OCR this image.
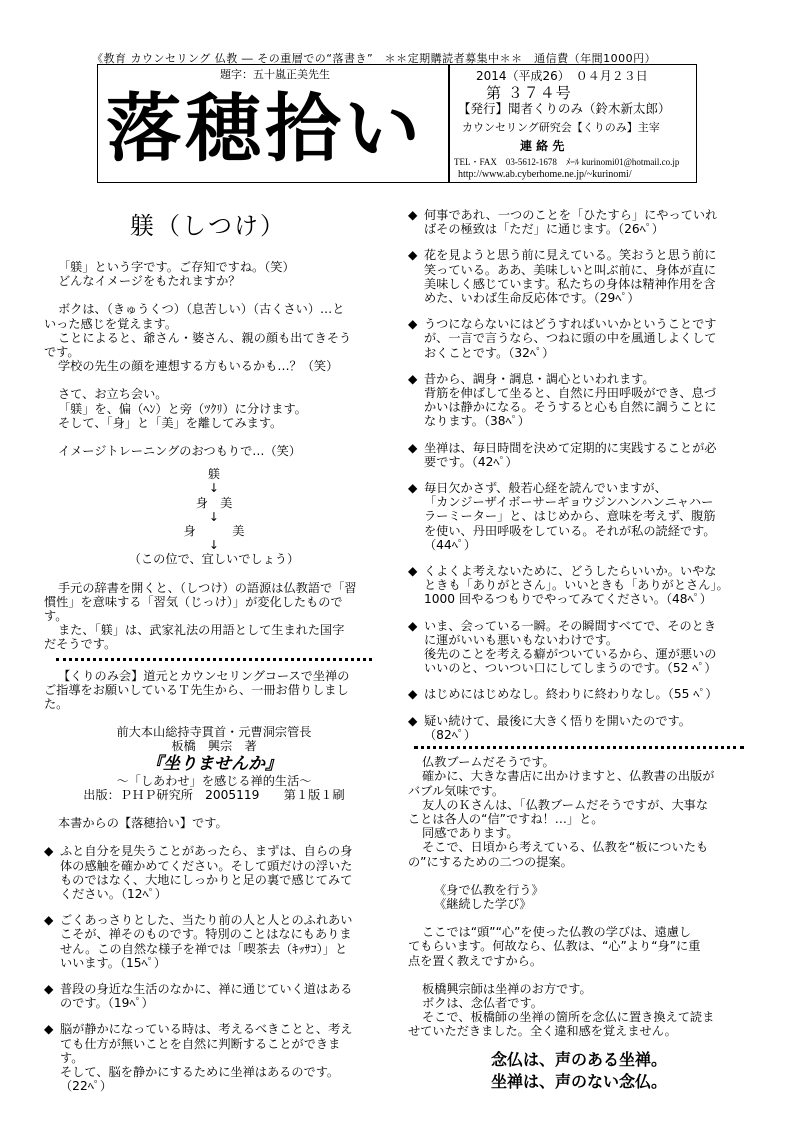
《教育 カウンセリング 仏教 ― その重層での“落書き”　＊＊定期購読者募集中＊＊　通信費（年間1000円）
題字：五十嵐正美先生
落穂拾い
2014（平成26）　０４月２３日
第 ３７４号
【発行】聞者くりのみ（鈴木新太郎）
カウンセリング研究会【くりのみ】主宰
連 絡 先
TEL・FAX　03-5612-1678　ﾒｰﾙ kurinomi01@hotmail.co.jp
http://www.ab.cyberhome.ne.jp/~kurinomi/
躾（しつけ）

「躾」という字です。ご存知ですね。（笑）

どんなイメージをもたれますか？

ボクは、（きゅうくつ）（息苦しい）（古くさい）…と

いった感じを覚えます。

ことによると、爺さん・婆さん、親の顔も出てきそう

です。

学校の先生の顔を連想する方もいるかも…？（笑）

さて、お立ち会い。

「躾」を、偏（ﾍﾝ）と旁（ﾂｸﾘ）に分けます。

そして、「身」と「美」を離してみます。

イメージトレーニングのおつもりで…（笑）

躾

↓

身　美

↓

身　　　美

↓

（この位で、宜しいでしょう）

手元の辞書を開くと、（しつけ）の語源は仏教語で「習

慣性」を意味する「習気（じっけ）」が変化したもので

す。

また、「躾」は、武家礼法の用語として生まれた国字

だそうです。

【くりのみ会】道元とカウンセリングコースで坐禅の

ご指導をお願いしているＴ先生から、一冊お借りしまし

た。

前大本山総持寺貫首・元曹洞宗管長

板橋　興宗　著

『坐りませんか』

～「しあわせ」を感じる禅的生活～

出版：ＰＨＰ研究所　2005119　　第１版１刷

本書からの【落穂拾い】です。

◆ ふと自分を見失うことがあったら、まずは、自らの身

体の感触を確かめてください。そして頭だけの浮いた

ものではなく、大地にしっかりと足の裏で感じてみて

ください。（12ﾍﾟ）

◆ ごくあっさりとした、当たり前の人と人とのふれあい

こそが、禅そのものです。特別のことはなにもありま

せん。この自然な様子を禅では「喫茶去（ｷｯｻｺ）」と

いいます。（15ﾍﾟ）

◆ 普段の身近な生活のなかに、禅に通じていく道はある

のです。（19ﾍﾟ）

◆ 脳が静かになっている時は、考えるべきことと、考え

ても仕方が無いことを自然に判断することができま

す。

そして、脳を静かにするために坐禅はあるのです。

（22ﾍﾟ）

◆ 何事であれ、一つのことを「ひたすら」にやっていれ

ばその極致は「ただ」に通じます。（26ﾍﾟ）

◆ 花を見ようと思う前に見えている。笑おうと思う前に

笑っている。ああ、美味しいと叫ぶ前に、身体が直に

美味しく感じています。私たちの身体は精神作用を含

めた、いわば生命反応体です。（29ﾍﾟ）

◆ うつにならないにはどうすればいいかということです

が、一言で言うなら、つねに頭の中を風通しよくして

おくことです。（32ﾍﾟ）

◆ 昔から、調身・調息・調心といわれます。

背筋を伸ばして坐ると、自然に丹田呼吸ができ、息づ

かいは静かになる。そうすると心も自然に調うことに

なります。（38ﾍﾟ）

◆ 坐禅は、毎日時間を決めて定期的に実践することが必

要です。（42ﾍﾟ）

◆ 毎日欠かさず、般若心経を読んでいますが、

「カンジーザイボーサーギョウジンハンハンニャハー

ラーミーター」と、はじめから、意味を考えず、腹筋

を使い、丹田呼吸をしている。それが私の読経です。

（44ﾍﾟ）

◆ くよくよ考えないために、どうしたらいいか。いやな

ときも「ありがとさん」。いいときも「ありがとさん」。

1000 回やるつもりでやってみてください。（48ﾍﾟ）

◆ いま、会っている一瞬。その瞬間すべてで、そのとき

に運がいいも悪いもないわけです。

後先のことを考える癖がついているから、運が悪いの

いいのと、ついつい口にしてしまうのです。（52 ﾍﾟ）

◆ はじめにはじめなし。終わりに終わりなし。（55 ﾍﾟ）

◆ 疑い続けて、最後に大きく悟りを開いたのです。

（82ﾍﾟ）

仏教ブームだそうです。

確かに、大きな書店に出かけますと、仏教書の出版が

バブル気味です。

友人のＫさんは、「仏教ブームだそうですが、大事な

ことは各人の“信”ですね！…」と。

同感であります。

そこで、日頃から考えている、仏教を“板についたも

の”にするための二つの提案。

《身で仏教を行う》

《継続した学び》

ここでは“頭”“心”を使った仏教の学びは、遠慮し

てもらいます。何故なら、仏教は、“心”より“身”に重

点を置く教えですから。

板橋興宗師は坐禅のお方です。

ボクは、念仏者です。

そこで、板橋師の坐禅の箇所を念仏に置き換えて読ま

せていただきました。全く違和感を覚えません。

念仏は、声のある坐禅。

坐禅は、声のない念仏。
